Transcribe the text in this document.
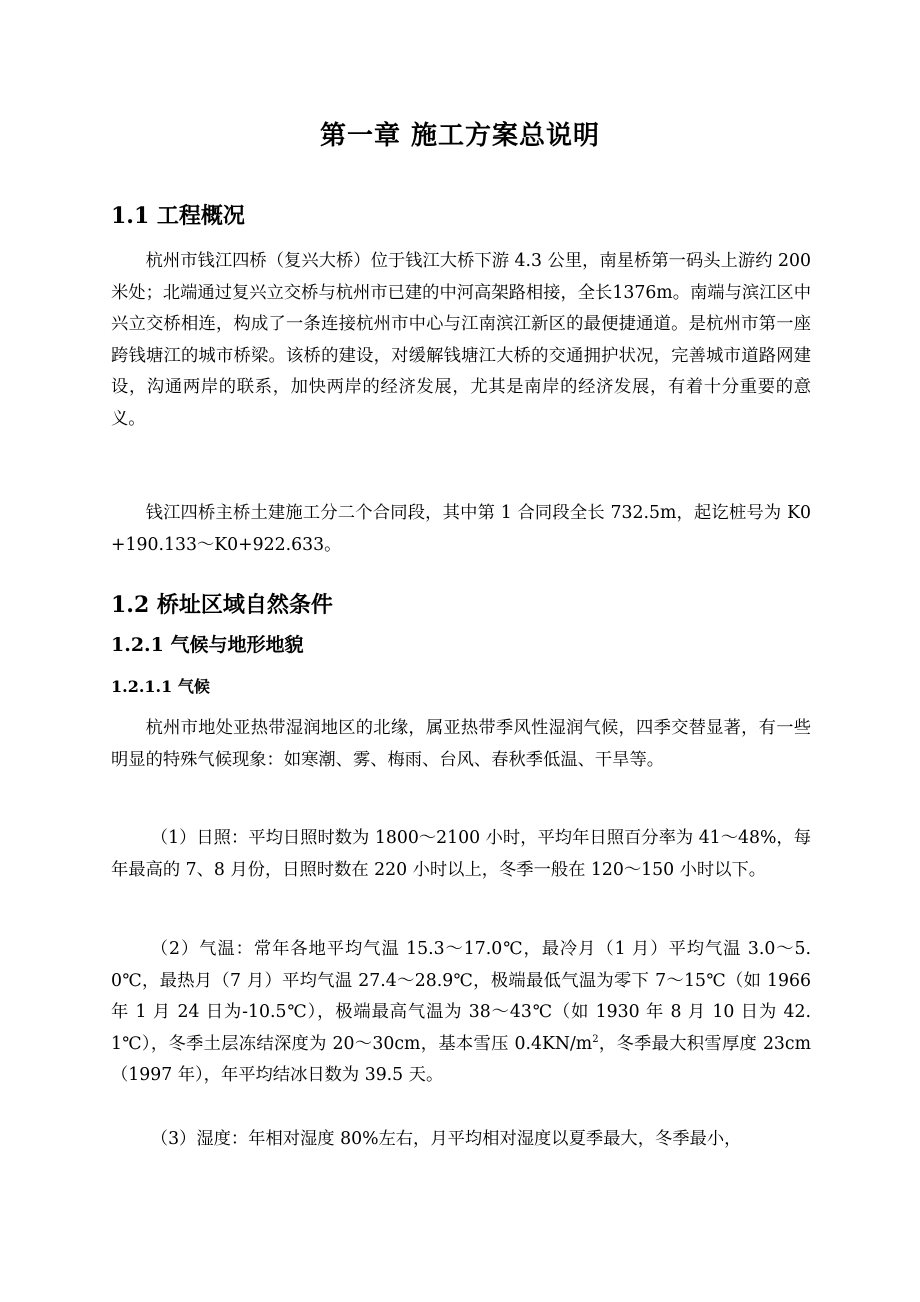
第一章 施工方案总说明
1.1 工程概况

杭州市钱江四桥（复兴大桥）位于钱江大桥下游 4.3 公里，南星桥第一码头上游约 200 米处；北端通过复兴立交桥与杭州市已建的中河高架路相接，全长1376m。南端与滨江区中兴立交桥相连，构成了一条连接杭州市中心与江南滨江新区的最便捷通道。是杭州市第一座跨钱塘江的城市桥梁。该桥的建设，对缓解钱塘江大桥的交通拥护状况，完善城市道路网建设，沟通两岸的联系，加快两岸的经济发展，尤其是南岸的经济发展，有着十分重要的意义。

钱江四桥主桥土建施工分二个合同段，其中第 1 合同段全长 732.5m，起讫桩号为 K0+190.133～K0+922.633。

1.2 桥址区域自然条件
1.2.1 气候与地形地貌
1.2.1.1 气候

杭州市地处亚热带湿润地区的北缘，属亚热带季风性湿润气候，四季交替显著，有一些明显的特殊气候现象：如寒潮、雾、梅雨、台风、春秋季低温、干旱等。

（1）日照：平均日照时数为 1800～2100 小时，平均年日照百分率为 41～48%，每年最高的 7、8 月份，日照时数在 220 小时以上，冬季一般在 120～150 小时以下。

（2）气温：常年各地平均气温 15.3～17.0℃，最冷月（1 月）平均气温 3.0～5.0℃，最热月（7 月）平均气温 27.4～28.9℃，极端最低气温为零下 7～15℃（如 1966 年 1 月 24 日为-10.5℃），极端最高气温为 38～43℃（如 1930 年 8 月 10 日为 42.1℃），冬季土层冻结深度为 20～30cm，基本雪压 $0.4KN/m^2$，冬季最大积雪厚度 23cm（1997 年），年平均结冰日数为 39.5 天。

（3）湿度：年相对湿度 80%左右，月平均相对湿度以夏季最大，冬季最小，
